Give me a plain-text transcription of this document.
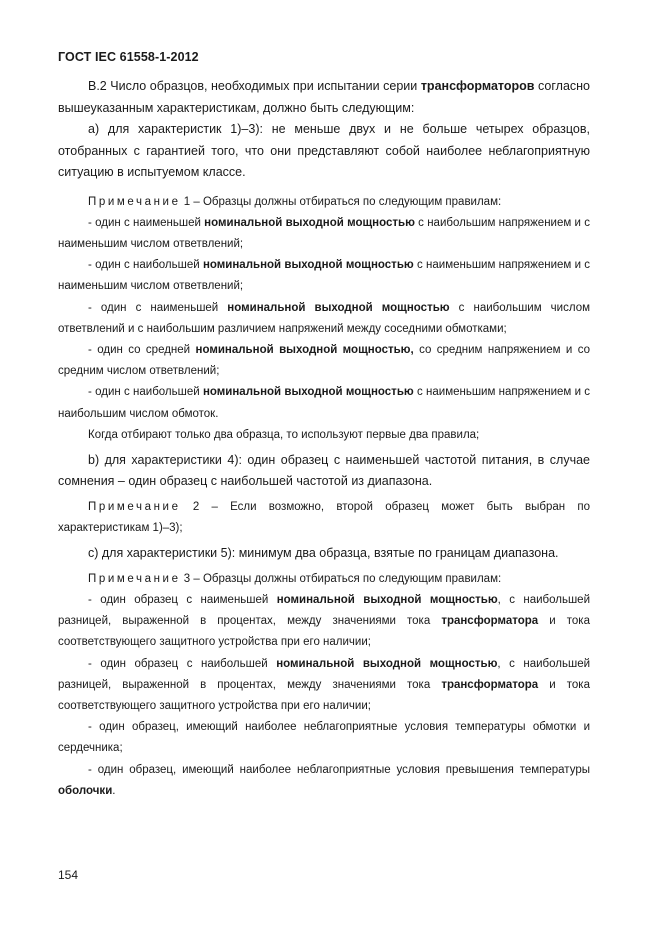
ГОСТ IEC 61558-1-2012

В.2 Число образцов, необходимых при испытании серии трансформаторов согласно вышеуказанным характеристикам, должно быть следующим:

а) для характеристик 1)–3): не меньше двух и не больше четырех образцов, отобранных с гарантией того, что они представляют собой наиболее неблагоприятную ситуацию в испытуемом классе.

Примечание 1 – Образцы должны отбираться по следующим правилам:

- один с наименьшей номинальной выходной мощностью с наибольшим напряжением и с наименьшим числом ответвлений;

- один с наибольшей номинальной выходной мощностью с наименьшим напряжением и с наименьшим числом ответвлений;

- один с наименьшей номинальной выходной мощностью с наибольшим числом ответвлений и с наибольшим различием напряжений между соседними обмотками;

- один со средней номинальной выходной мощностью, со средним напряжением и со средним числом ответвлений;

- один с наибольшей номинальной выходной мощностью с наименьшим напряжением и с наибольшим числом обмоток.

Когда отбирают только два образца, то используют первые два правила;

b) для характеристики 4): один образец с наименьшей частотой питания, в случае сомнения – один образец с наибольшей частотой из диапазона.

Примечание 2 – Если возможно, второй образец может быть выбран по характеристикам 1)–3);

с) для характеристики 5): минимум два образца, взятые по границам диапазона.

Примечание 3 – Образцы должны отбираться по следующим правилам:

- один образец с наименьшей номинальной выходной мощностью, с наибольшей разницей, выраженной в процентах, между значениями тока трансформатора и тока соответствующего защитного устройства при его наличии;

- один образец с наибольшей номинальной выходной мощностью, с наибольшей разницей, выраженной в процентах, между значениями тока трансформатора и тока соответствующего защитного устройства при его наличии;

- один образец, имеющий наиболее неблагоприятные условия температуры обмотки и сердечника;

- один образец, имеющий наиболее неблагоприятные условия превышения температуры оболочки.

154
